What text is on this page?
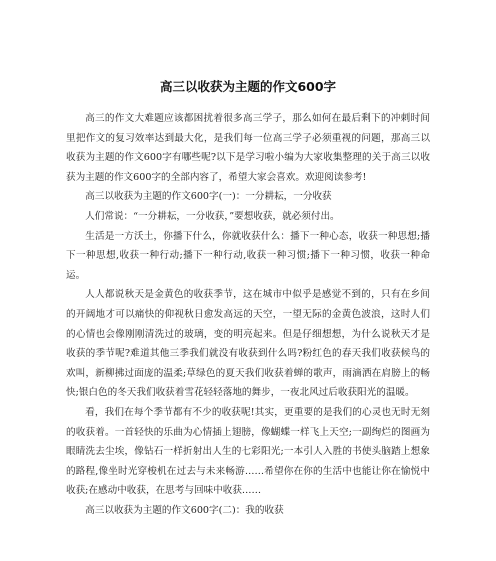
高三以收获为主题的作文600字

高三的作文大难题应该都困扰着很多高三学子，那么如何在最后剩下的冲刺时间里把作文的复习效率达到最大化，是我们每一位高三学子必须重视的问题，那高三以收获为主题的作文600字有哪些呢?以下是学习啦小编为大家收集整理的关于高三以收获为主题的作文600字的全部内容了，希望大家会喜欢。欢迎阅读参考!

高三以收获为主题的作文600字(一)：一分耕耘，一分收获

人们常说：“一分耕耘，一分收获，”要想收获，就必须付出。

生活是一方沃土，你播下什么，你就收获什么：播下一种心态，收获一种思想;播下一种思想,收获一种行动;播下一种行动,收获一种习惯;播下一种习惯，收获一种命运。

人人都说秋天是金黄色的收获季节，这在城市中似乎是感觉不到的，只有在乡间的开阔地才可以痛快的仰视秋日愈发高远的天空，一望无际的金黄色波浪，这时人们的心情也会像刚刚清洗过的玻璃，变的明亮起来。但是仔细想想，为什么说秋天才是收获的季节呢?难道其他三季我们就没有收获到什么吗?粉红色的春天我们收获候鸟的欢叫，新柳拂过面庞的温柔;草绿色的夏天我们收获着蝉的歌声，雨滴洒在肩膀上的畅快;银白色的冬天我们收获着雪花轻轻落地的舞步，一夜北风过后收获阳光的温暖。

看，我们在每个季节都有不少的收获呢!其实，更重要的是我们的心灵也无时无刻的收获着。一首轻快的乐曲为心情插上翅膀，像蝴蝶一样飞上天空;一副绚烂的图画为眼睛洗去尘埃，像钻石一样折射出人生的七彩阳光;一本引人入胜的书使头脑踏上想象的路程,像坐时光穿梭机在过去与未来畅游……希望你在你的生活中也能让你在愉悦中收获;在感动中收获，在思考与回味中收获……

高三以收获为主题的作文600字(二)：我的收获
